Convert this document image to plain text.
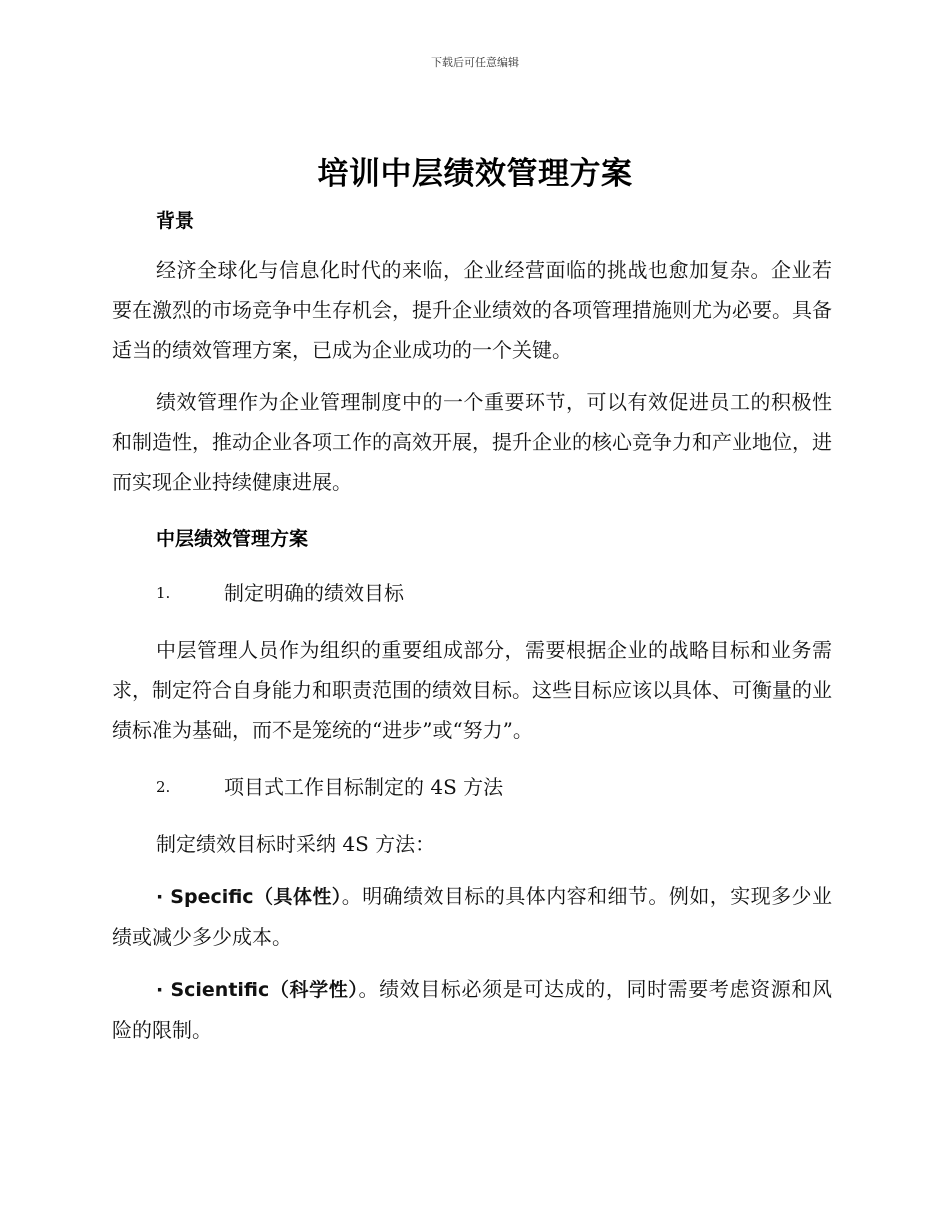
下载后可任意编辑
培训中层绩效管理方案

背景

经济全球化与信息化时代的来临，企业经营面临的挑战也愈加复杂。企业若要在激烈的市场竞争中生存机会，提升企业绩效的各项管理措施则尤为必要。具备适当的绩效管理方案，已成为企业成功的一个关键。

绩效管理作为企业管理制度中的一个重要环节，可以有效促进员工的积极性和制造性，推动企业各项工作的高效开展，提升企业的核心竞争力和产业地位，进而实现企业持续健康进展。

中层绩效管理方案

1.	制定明确的绩效目标

中层管理人员作为组织的重要组成部分，需要根据企业的战略目标和业务需求，制定符合自身能力和职责范围的绩效目标。这些目标应该以具体、可衡量的业绩标准为基础，而不是笼统的“进步”或“努力”。

2.	项目式工作目标制定的 4S 方法

制定绩效目标时采纳 4S 方法：

· Specific（具体性）。明确绩效目标的具体内容和细节。例如，实现多少业绩或减少多少成本。

· Scientific（科学性）。绩效目标必须是可达成的，同时需要考虑资源和风险的限制。
